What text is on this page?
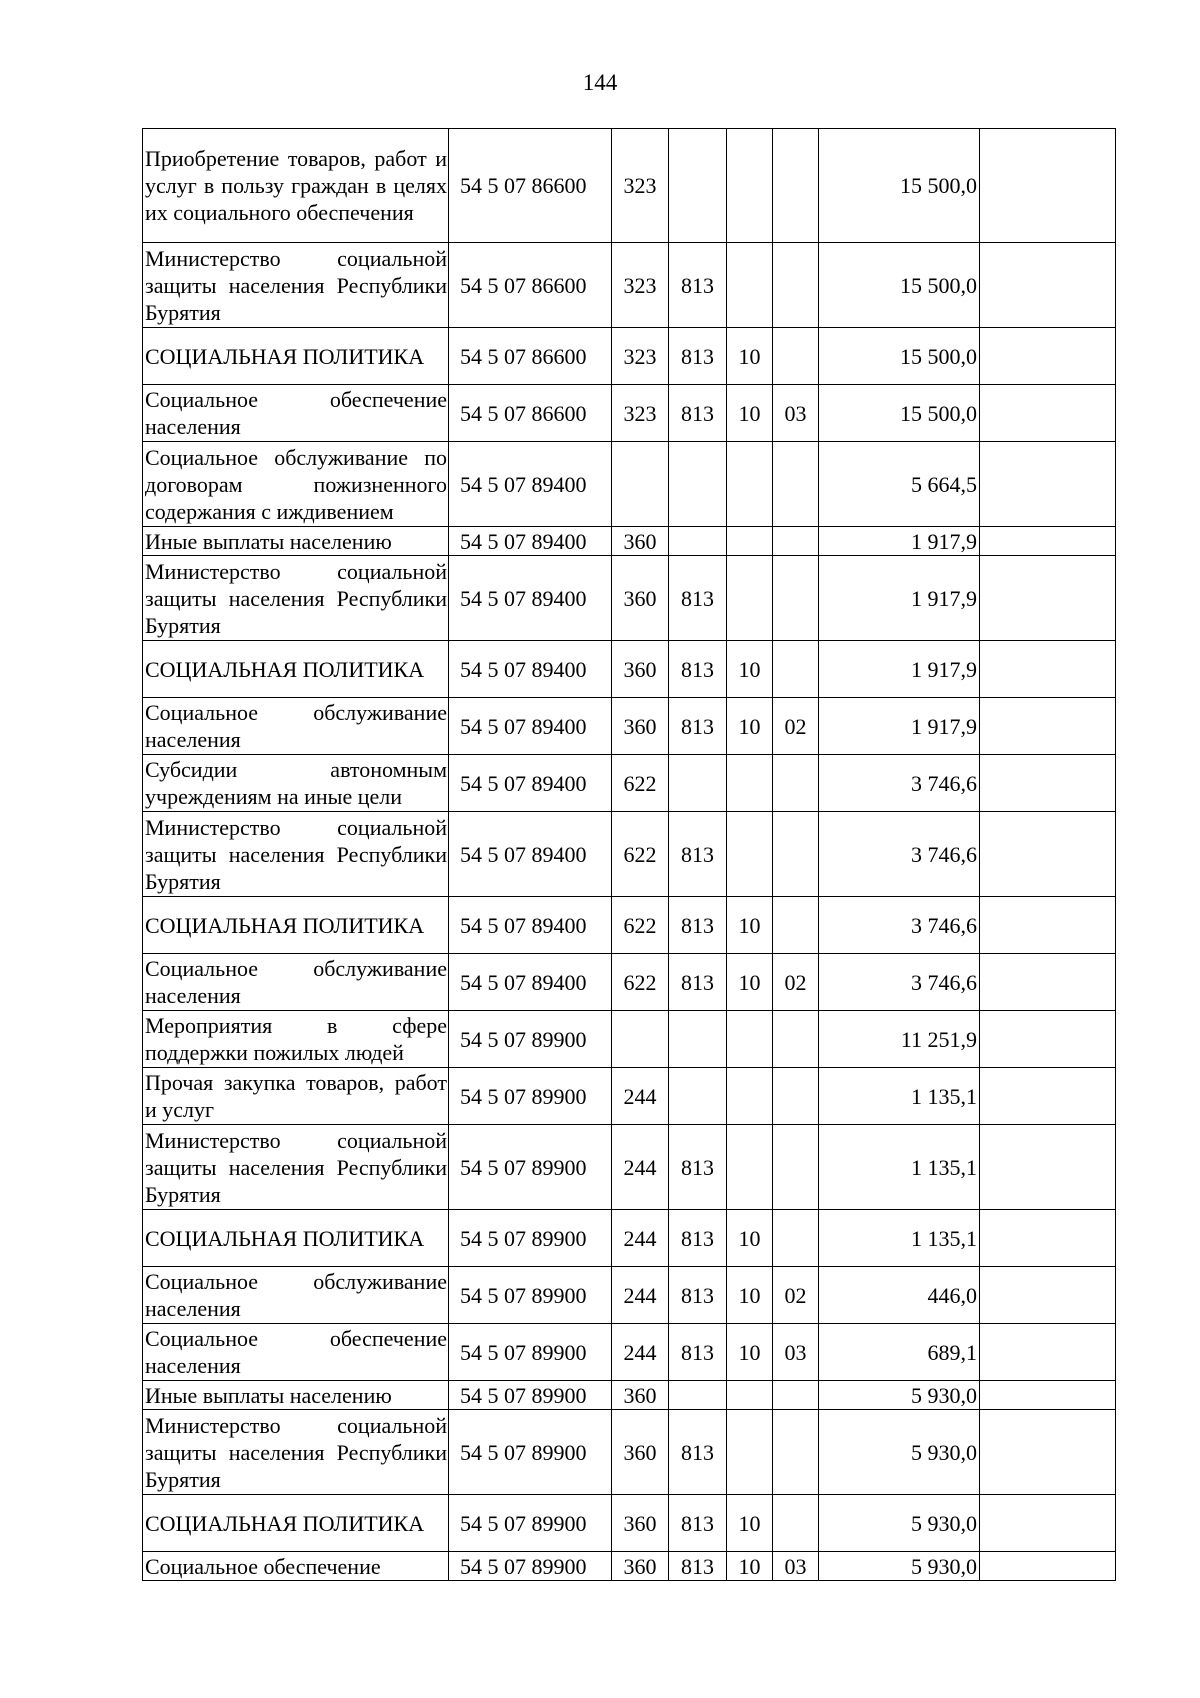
144
Приобретение товаров, работ и услуг в пользу граждан в целях их социального обеспечения	54 5 07 86600	323				15 500,0	
Министерство социальной защиты населения Республики Бурятия	54 5 07 86600	323	813			15 500,0	
СОЦИАЛЬНАЯ ПОЛИТИКА	54 5 07 86600	323	813	10		15 500,0	
Социальное обеспечение населения	54 5 07 86600	323	813	10	03	15 500,0	
Социальное обслуживание по договорам пожизненного содержания с иждивением	54 5 07 89400					5 664,5	
Иные выплаты населению	54 5 07 89400	360				1 917,9	
Министерство социальной защиты населения Республики Бурятия	54 5 07 89400	360	813			1 917,9	
СОЦИАЛЬНАЯ ПОЛИТИКА	54 5 07 89400	360	813	10		1 917,9	
Социальное обслуживание населения	54 5 07 89400	360	813	10	02	1 917,9	
Субсидии автономным учреждениям на иные цели	54 5 07 89400	622				3 746,6	
Министерство социальной защиты населения Республики Бурятия	54 5 07 89400	622	813			3 746,6	
СОЦИАЛЬНАЯ ПОЛИТИКА	54 5 07 89400	622	813	10		3 746,6	
Социальное обслуживание населения	54 5 07 89400	622	813	10	02	3 746,6	
Мероприятия в сфере поддержки пожилых людей	54 5 07 89900					11 251,9	
Прочая закупка товаров, работ и услуг	54 5 07 89900	244				1 135,1	
Министерство социальной защиты населения Республики Бурятия	54 5 07 89900	244	813			1 135,1	
СОЦИАЛЬНАЯ ПОЛИТИКА	54 5 07 89900	244	813	10		1 135,1	
Социальное обслуживание населения	54 5 07 89900	244	813	10	02	446,0	
Социальное обеспечение населения	54 5 07 89900	244	813	10	03	689,1	
Иные выплаты населению	54 5 07 89900	360				5 930,0	
Министерство социальной защиты населения Республики Бурятия	54 5 07 89900	360	813			5 930,0	
СОЦИАЛЬНАЯ ПОЛИТИКА	54 5 07 89900	360	813	10		5 930,0	
Социальное обеспечение	54 5 07 89900	360	813	10	03	5 930,0	
